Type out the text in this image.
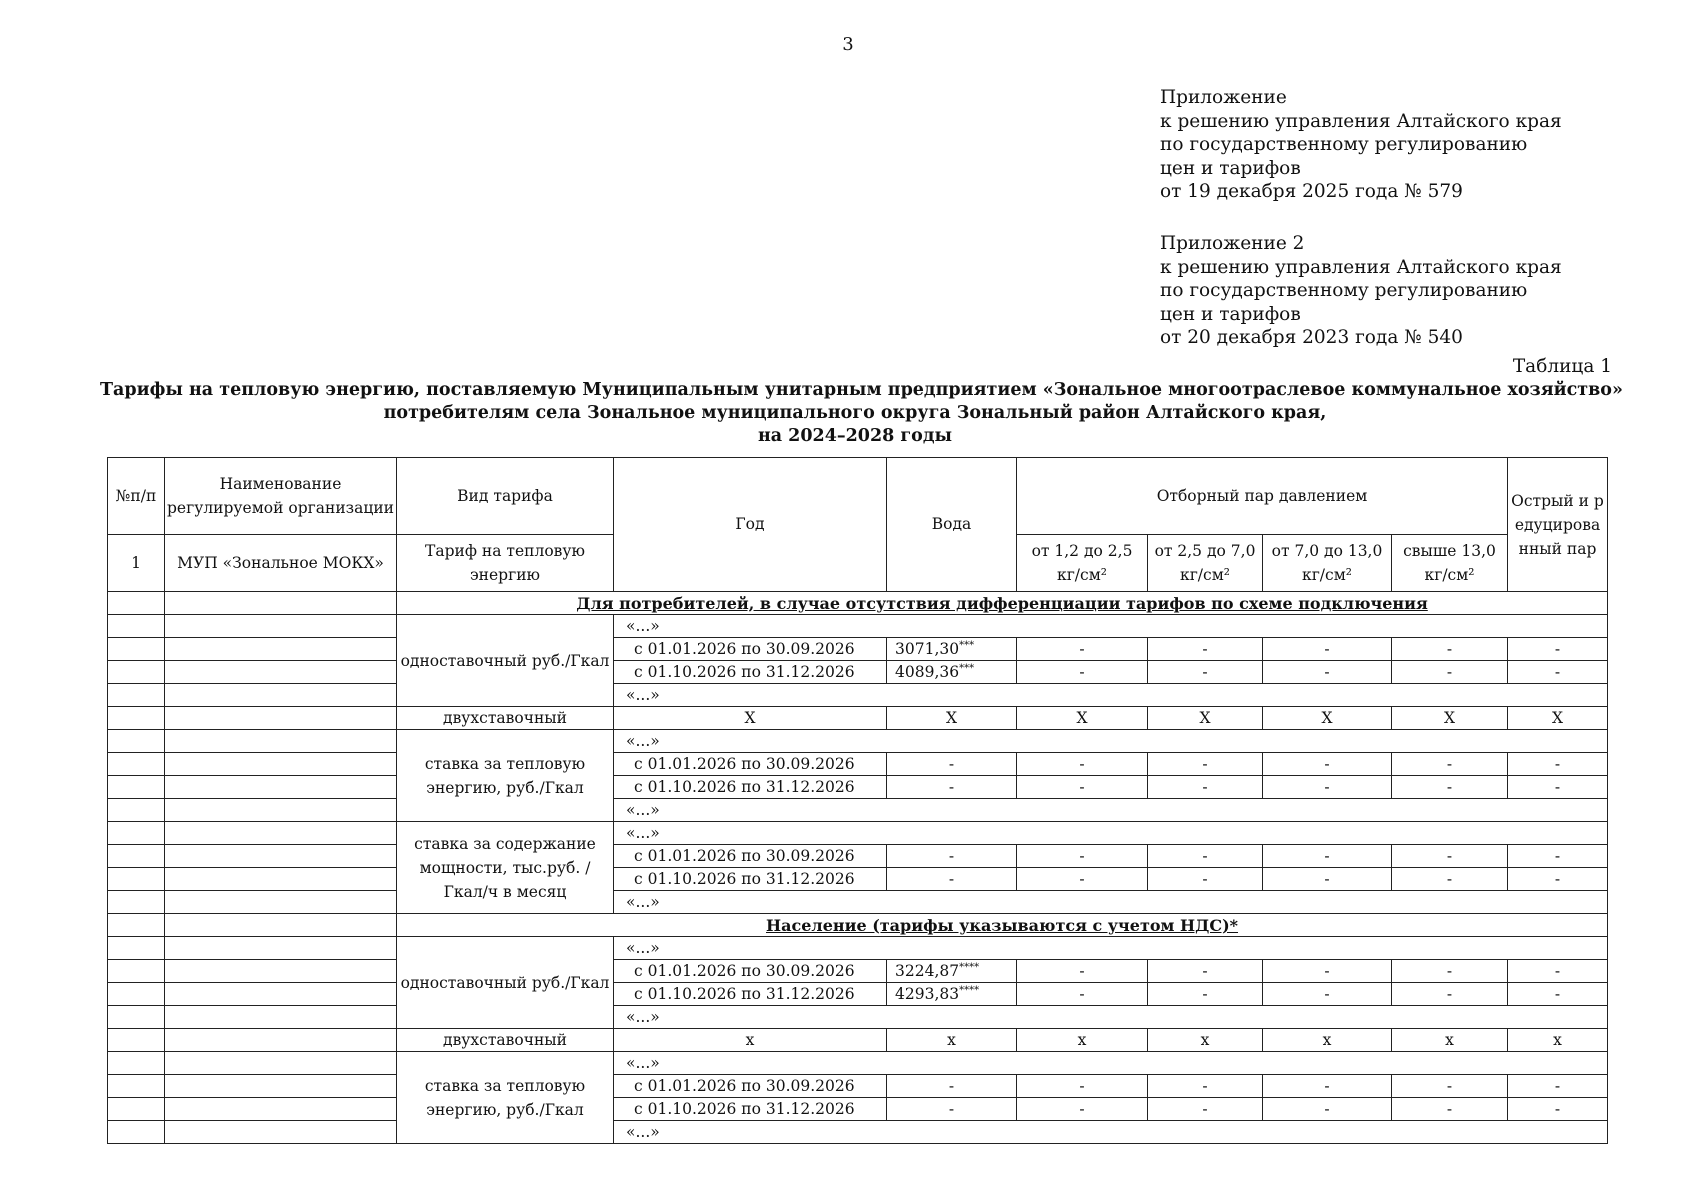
3
Приложение
к решению управления Алтайского края
по государственному регулированию
цен и тарифов
от 19 декабря 2025 года № 579
Приложение 2
к решению управления Алтайского края
по государственному регулированию
цен и тарифов
от 20 декабря 2023 года № 540
Таблица 1
Тарифы на тепловую энергию, поставляемую Муниципальным унитарным предприятием «Зональное многоотраслевое коммунальное хозяйство»
потребителям села Зональное муниципального округа Зональный район Алтайского края,
на 2024–2028 годы
№п/п	Наименование регулируемой организации	Вид тарифа	Год	Вода	Отборный пар давлением				Острый и редуцированный пар
1	МУП «Зональное МОКХ»	Тариф на тепловую энергию			от 1,2 до 2,5 кг/см²	от 2,5 до 7,0 кг/см²	от 7,0 до 13,0 кг/см²	свыше 13,0 кг/см²	
		Для потребителей, в случае отсутствия дифференциации тарифов по схеме подключения							
		одноставочный руб./Гкал	«...»						
			с 01.01.2026 по 30.09.2026	3071,30***	-	-	-	-	-
			с 01.10.2026 по 31.12.2026	4089,36***	-	-	-	-	-
			«...»						
		двухставочный	Х	Х	Х	Х	Х	Х	Х
		ставка за тепловую энергию, руб./Гкал	«...»						
			с 01.01.2026 по 30.09.2026	-	-	-	-	-	-
			с 01.10.2026 по 31.12.2026	-	-	-	-	-	-
			«...»						
		ставка за содержание мощности, тыс.руб. /Гкал/ч в месяц	«...»						
			с 01.01.2026 по 30.09.2026	-	-	-	-	-	-
			с 01.10.2026 по 31.12.2026	-	-	-	-	-	-
			«...»						
		Население (тарифы указываются с учетом НДС)*							
		одноставочный руб./Гкал	«...»						
			с 01.01.2026 по 30.09.2026	3224,87****	-	-	-	-	-
			с 01.10.2026 по 31.12.2026	4293,83****	-	-	-	-	-
			«...»						
		двухставочный	х	х	х	х	х	х	х
		ставка за тепловую энергию, руб./Гкал	«...»						
			с 01.01.2026 по 30.09.2026	-	-	-	-	-	-
			с 01.10.2026 по 31.12.2026	-	-	-	-	-	-
			«...»						
